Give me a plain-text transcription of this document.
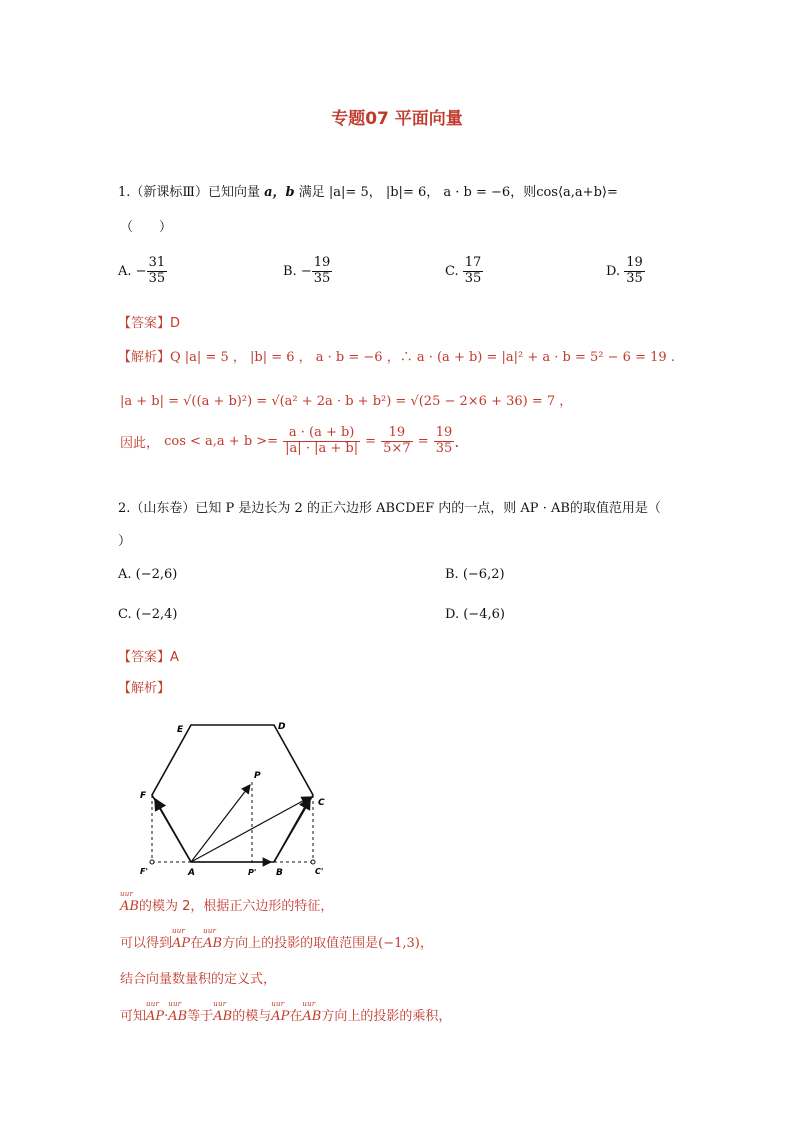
专题07 平面向量
1.（新课标Ⅲ）已知向量 a，b 满足 |a|= 5， |b|= 6， a · b = −6，则cos⟨a,a+b⟩=
（　　）
A. − $\frac{31}{35}$	B. − $\frac{19}{35}$	C. $\frac{17}{35}$	D. $\frac{19}{35}$
【答案】D
【解析】Q |a| = 5 ， |b| = 6 ， a · b = −6 ，∴ a · (a + b) = |a|² + a · b = 5² − 6 = 19 .
|a + b| = √((a + b)²) = √(a² + 2a · b + b²) = √(25 − 2×6 + 36) = 7 ，
因此， $\cos < a,a + b >= \frac{a \cdot (a + b)}{|a| \cdot |a + b|} = \frac{19}{5\times 7} = \frac{19}{35}$ .
2.（山东卷）已知 P 是边长为 2 的正六边形 ABCDEF 内的一点，则 AP · AB的取值范用是（
）
A. (−2,6)	B. (−6,2)
C. (−2,4)	D. (−4,6)
【答案】A
【解析】
E	D
P
F
C
F'	A	P' B	C'
u u r AB的模为 2，根据正六边形的特征，
可以得到u u r AP在u u r AB方向上的投影的取值范围是(−1,3)，
结合向量数量积的定义式，
可知u u r AP·u u r AB等于u u r AB的模与u u r AP在u u r AB方向上的投影的乘积，
